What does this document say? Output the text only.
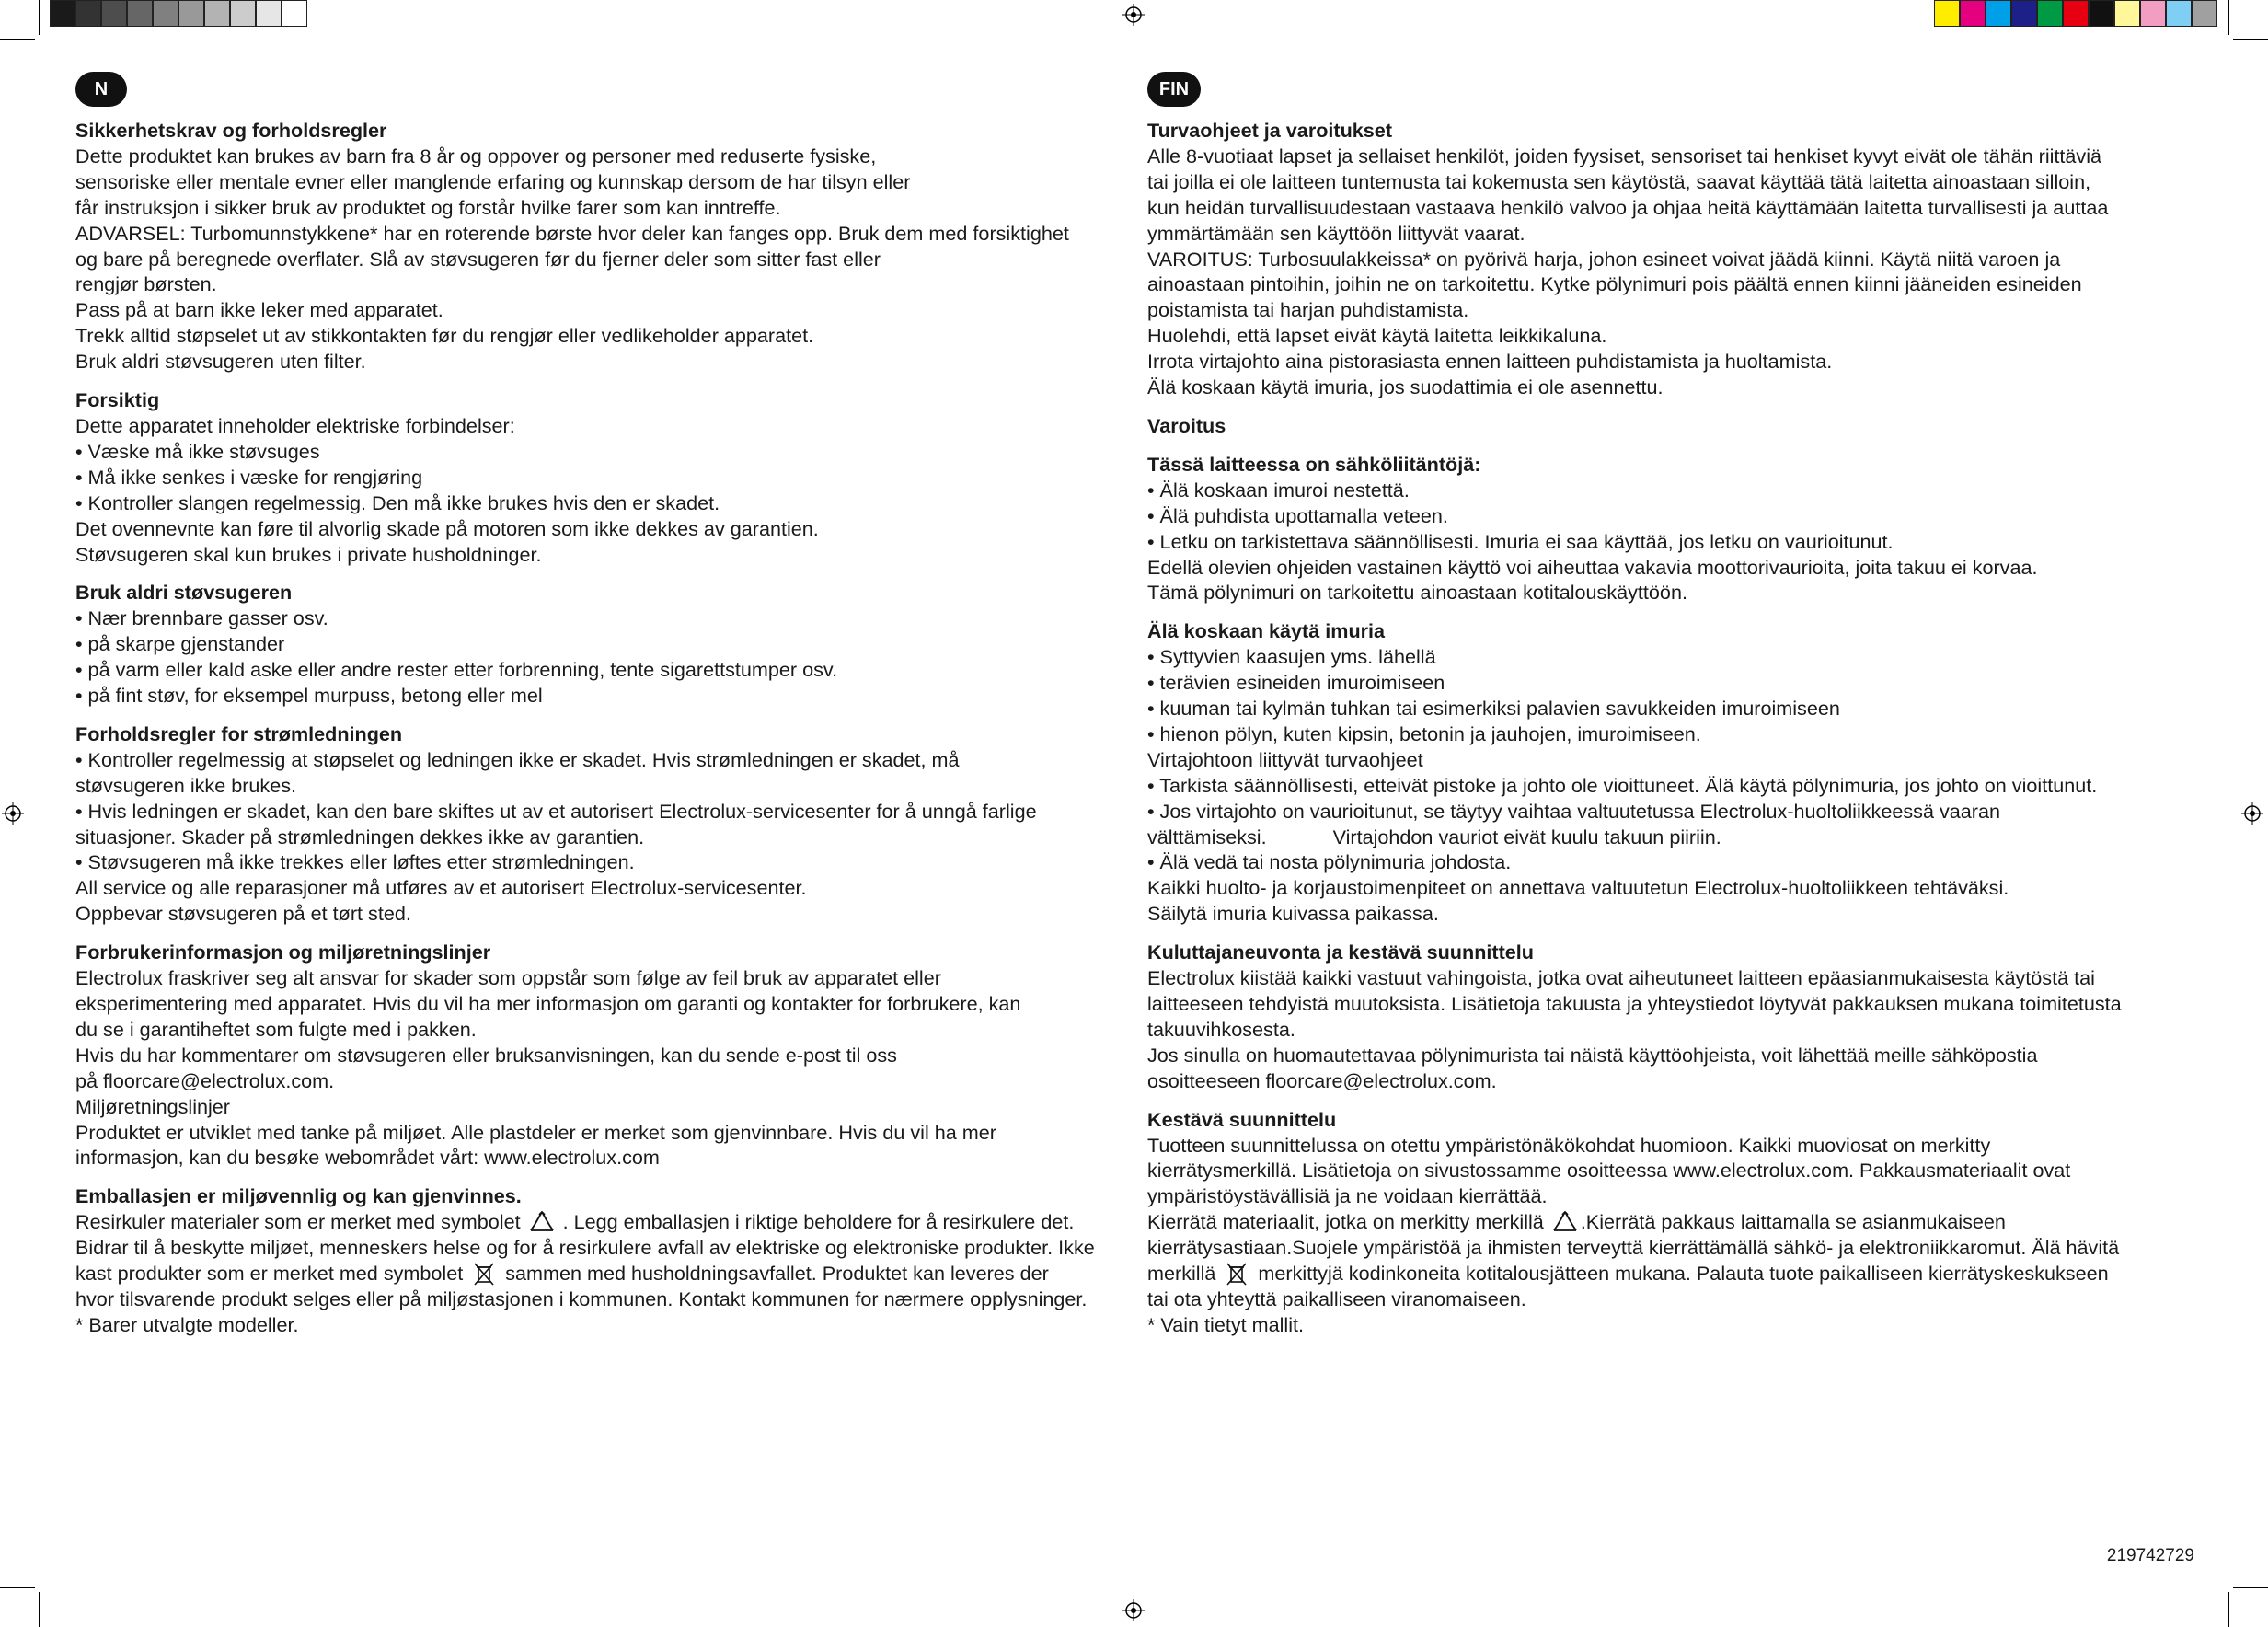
N
Sikkerhetskrav og forholdsregler

Dette produktet kan brukes av barn fra 8 år og oppover og personer med reduserte fysiske,

sensoriske eller mentale evner eller manglende erfaring og kunnskap dersom de har tilsyn eller

får instruksjon i sikker bruk av produktet og forstår hvilke farer som kan inntreffe.

ADVARSEL: Turbomunnstykkene* har en roterende børste hvor deler kan fanges opp. Bruk dem med forsiktighet

og bare på beregnede overflater. Slå av støvsugeren før du fjerner deler som sitter fast eller

rengjør børsten.

Pass på at barn ikke leker med apparatet.

Trekk alltid støpselet ut av stikkontakten før du rengjør eller vedlikeholder apparatet.

Bruk aldri støvsugeren uten filter.

Forsiktig

Dette apparatet inneholder elektriske forbindelser:

• Væske må ikke støvsuges

• Må ikke senkes i væske for rengjøring

• Kontroller slangen regelmessig. Den må ikke brukes hvis den er skadet.

Det ovennevnte kan føre til alvorlig skade på motoren som ikke dekkes av garantien.

Støvsugeren skal kun brukes i private husholdninger.

Bruk aldri støvsugeren

• Nær brennbare gasser osv.

• på skarpe gjenstander

• på varm eller kald aske eller andre rester etter forbrenning, tente sigarettstumper osv.

• på fint støv, for eksempel murpuss, betong eller mel

Forholdsregler for strømledningen

• Kontroller regelmessig at støpselet og ledningen ikke er skadet. Hvis strømledningen er skadet, må

støvsugeren ikke brukes.

• Hvis ledningen er skadet, kan den bare skiftes ut av et autorisert Electrolux-servicesenter for å unngå farlige

situasjoner. Skader på strømledningen dekkes ikke av garantien.

• Støvsugeren må ikke trekkes eller løftes etter strømledningen.

All service og alle reparasjoner må utføres av et autorisert Electrolux-servicesenter.

Oppbevar støvsugeren på et tørt sted.

Forbrukerinformasjon og miljøretningslinjer

Electrolux fraskriver seg alt ansvar for skader som oppstår som følge av feil bruk av apparatet eller

eksperimentering med apparatet. Hvis du vil ha mer informasjon om garanti og kontakter for forbrukere, kan

du se i garantiheftet som fulgte med i pakken.

Hvis du har kommentarer om støvsugeren eller bruksanvisningen, kan du sende e-post til oss

på floorcare@electrolux.com.

Miljøretningslinjer

Produktet er utviklet med tanke på miljøet. Alle plastdeler er merket som gjenvinnbare. Hvis du vil ha mer

informasjon, kan du besøke webområdet vårt: www.electrolux.com

Emballasjen er miljøvennlig og kan gjenvinnes.

Resirkuler materialer som er merket med symbolet . Legg emballasjen i riktige beholdere for å resirkulere det.

Bidrar til å beskytte miljøet, menneskers helse og for å resirkulere avfall av elektriske og elektroniske produkter. Ikke

kast produkter som er merket med symbolet sammen med husholdningsavfallet. Produktet kan leveres der

hvor tilsvarende produkt selges eller på miljøstasjonen i kommunen. Kontakt kommunen for nærmere opplysninger.

* Barer utvalgte modeller.

FIN
Turvaohjeet ja varoitukset

Alle 8-vuotiaat lapset ja sellaiset henkilöt, joiden fyysiset, sensoriset tai henkiset kyvyt eivät ole tähän riittäviä

tai joilla ei ole laitteen tuntemusta tai kokemusta sen käytöstä, saavat käyttää tätä laitetta ainoastaan silloin,

kun heidän turvallisuudestaan vastaava henkilö valvoo ja ohjaa heitä käyttämään laitetta turvallisesti ja auttaa

ymmärtämään sen käyttöön liittyvät vaarat.

VAROITUS: Turbosuulakkeissa* on pyörivä harja, johon esineet voivat jäädä kiinni. Käytä niitä varoen ja

ainoastaan pintoihin, joihin ne on tarkoitettu. Kytke pölynimuri pois päältä ennen kiinni jääneiden esineiden

poistamista tai harjan puhdistamista.

Huolehdi, että lapset eivät käytä laitetta leikkikaluna.

Irrota virtajohto aina pistorasiasta ennen laitteen puhdistamista ja huoltamista.

Älä koskaan käytä imuria, jos suodattimia ei ole asennettu.

Varoitus
Tässä laitteessa on sähköliitäntöjä:

• Älä koskaan imuroi nestettä.

• Älä puhdista upottamalla veteen.

• Letku on tarkistettava säännöllisesti. Imuria ei saa käyttää, jos letku on vaurioitunut.

Edellä olevien ohjeiden vastainen käyttö voi aiheuttaa vakavia moottorivaurioita, joita takuu ei korvaa.

Tämä pölynimuri on tarkoitettu ainoastaan kotitalouskäyttöön.

Älä koskaan käytä imuria

• Syttyvien kaasujen yms. lähellä

• terävien esineiden imuroimiseen

• kuuman tai kylmän tuhkan tai esimerkiksi palavien savukkeiden imuroimiseen

• hienon pölyn, kuten kipsin, betonin ja jauhojen, imuroimiseen.

Virtajohtoon liittyvät turvaohjeet

• Tarkista säännöllisesti, etteivät pistoke ja johto ole vioittuneet. Älä käytä pölynimuria, jos johto on vioittunut.

• Jos virtajohto on vaurioitunut, se täytyy vaihtaa valtuutetussa Electrolux-huoltoliikkeessä vaaran

välttämiseksi.            Virtajohdon vauriot eivät kuulu takuun piiriin.

• Älä vedä tai nosta pölynimuria johdosta.

Kaikki huolto- ja korjaustoimenpiteet on annettava valtuutetun Electrolux-huoltoliikkeen tehtäväksi.

Säilytä imuria kuivassa paikassa.

Kuluttajaneuvonta ja kestävä suunnittelu

Electrolux kiistää kaikki vastuut vahingoista, jotka ovat aiheutuneet laitteen epäasianmukaisesta käytöstä tai

laitteeseen tehdyistä muutoksista. Lisätietoja takuusta ja yhteystiedot löytyvät pakkauksen mukana toimitetusta

takuuvihkosesta.

Jos sinulla on huomautettavaa pölynimurista tai näistä käyttöohjeista, voit lähettää meille sähköpostia

osoitteeseen floorcare@electrolux.com.

Kestävä suunnittelu

Tuotteen suunnittelussa on otettu ympäristönäkökohdat huomioon. Kaikki muoviosat on merkitty

kierrätysmerkillä. Lisätietoja on sivustossamme osoitteessa www.electrolux.com. Pakkausmateriaalit ovat

ympäristöystävällisiä ja ne voidaan kierrättää.

Kierrätä materiaalit, jotka on merkitty merkillä .Kierrätä pakkaus laittamalla se asianmukaiseen

kierrätysastiaan.Suojele ympäristöä ja ihmisten terveyttä kierrättämällä sähkö- ja elektroniikkaromut. Älä hävitä

merkillä merkittyjä kodinkoneita kotitalousjätteen mukana. Palauta tuote paikalliseen kierrätyskeskukseen

tai ota yhteyttä paikalliseen viranomaiseen.

* Vain tietyt mallit.

219742729
